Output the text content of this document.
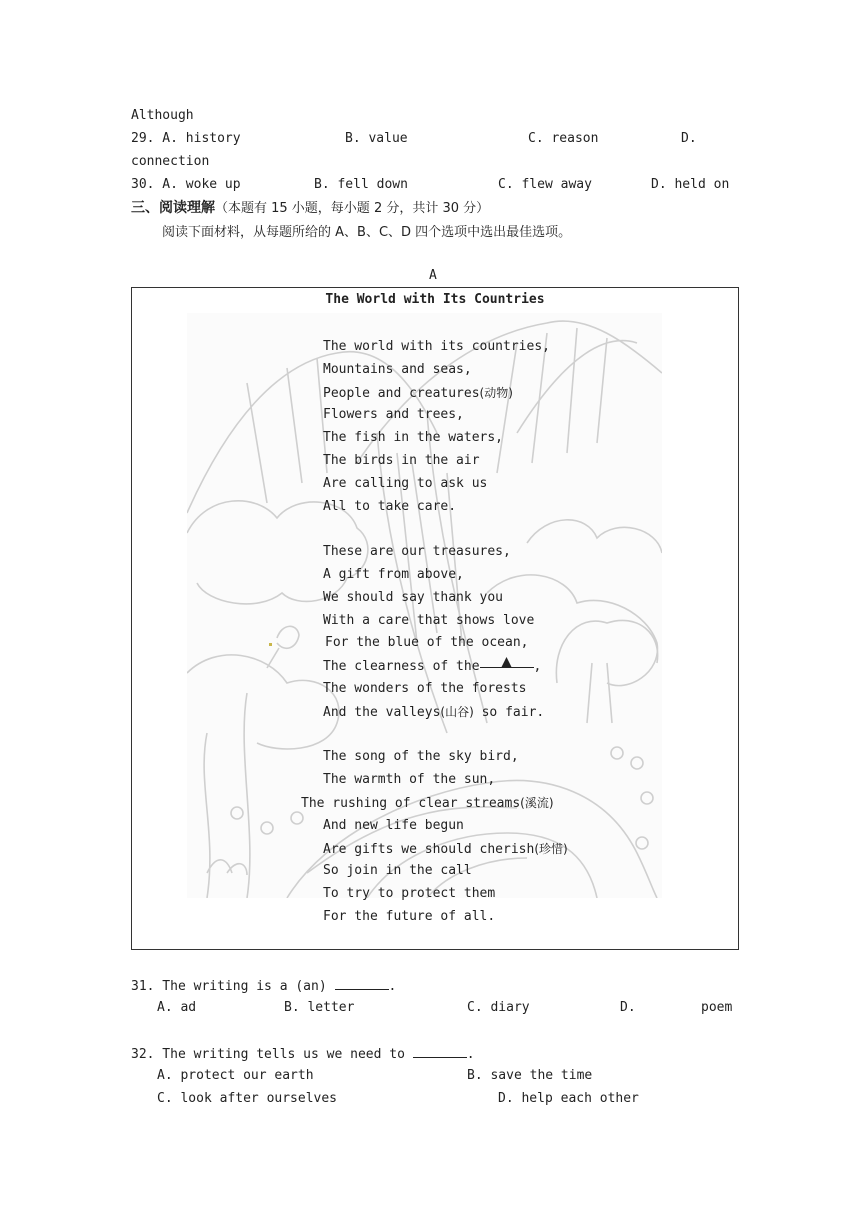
Although
29. A. history	B. value	C. reason	D.
connection
30. A. woke up	B. fell down	C. flew away	D. held on
三、阅读理解（本题有 15 小题，每小题 2 分，共计 30 分）
阅读下面材料，从每题所给的 A、B、C、D 四个选项中选出最佳选项。
A
The World with Its Countries
The world with its countries,
Mountains and seas,
People and creatures(动物)
Flowers and trees,
The fish in the waters,
The birds in the air
Are calling to ask us
All to take care.
These are our treasures,
A gift from above,
We should say thank you
With a care that shows love
For the blue of the ocean,
The clearness of the ▲ ,
The wonders of the forests
And the valleys(山谷) so fair.
The song of the sky bird,
The warmth of the sun,
The rushing of clear streams(溪流)
And new life begun
Are gifts we should cherish(珍惜)
So join in the call
To try to protect them
For the future of all.
31. The writing is a (an)	.
A. ad	B. letter	C. diary	D.	poem
32. The writing tells us we need to	.
A. protect our earth	B. save the time
C. look after ourselves	D. help each other
